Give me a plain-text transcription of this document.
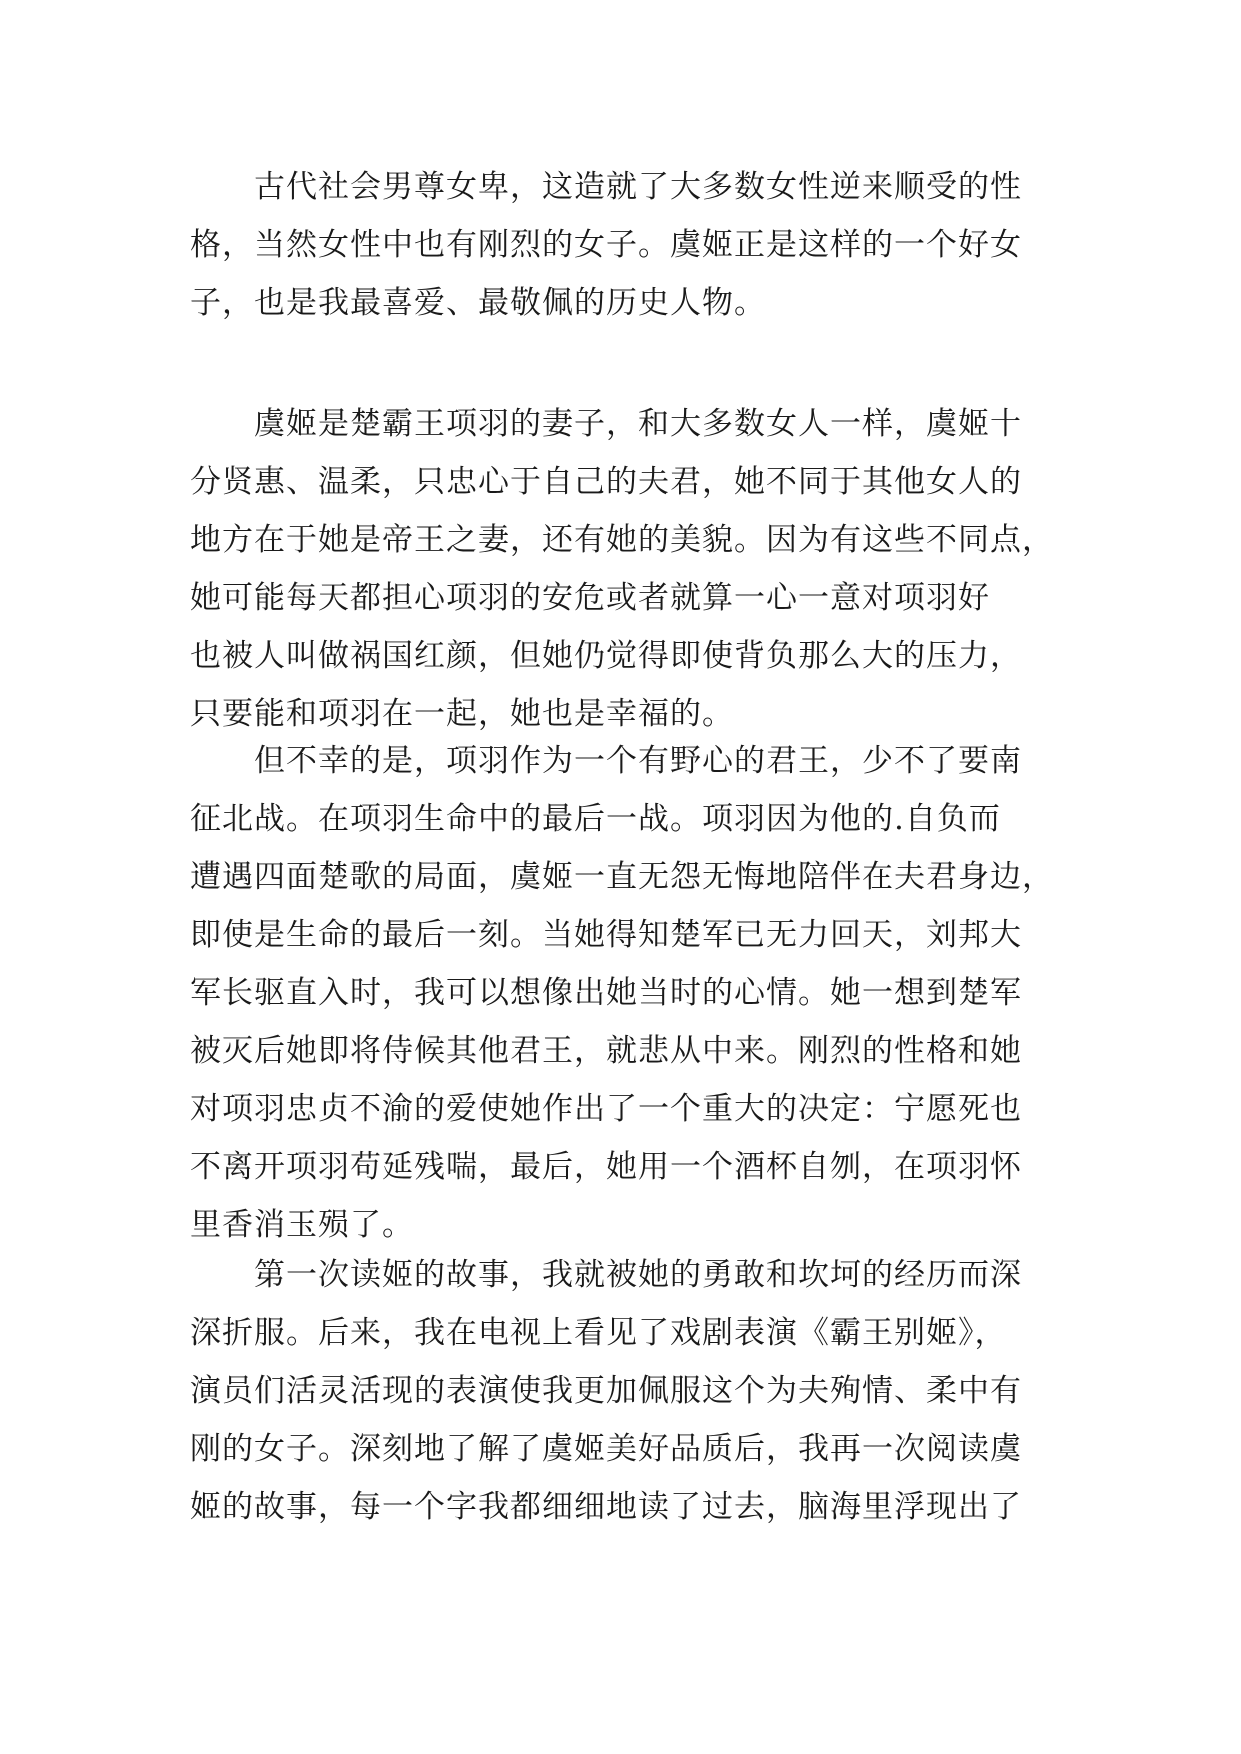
古代社会男尊女卑，这造就了大多数女性逆来顺受的性
格，当然女性中也有刚烈的女子。虞姬正是这样的一个好女
子，也是我最喜爱、最敬佩的历史人物。
虞姬是楚霸王项羽的妻子，和大多数女人一样，虞姬十
分贤惠、温柔，只忠心于自己的夫君，她不同于其他女人的
地方在于她是帝王之妻，还有她的美貌。因为有这些不同点，
她可能每天都担心项羽的安危或者就算一心一意对项羽好
也被人叫做祸国红颜，但她仍觉得即使背负那么大的压力，
只要能和项羽在一起，她也是幸福的。
但不幸的是，项羽作为一个有野心的君王，少不了要南
征北战。在项羽生命中的最后一战。项羽因为他的.自负而
遭遇四面楚歌的局面，虞姬一直无怨无悔地陪伴在夫君身边，
即使是生命的最后一刻。当她得知楚军已无力回天，刘邦大
军长驱直入时，我可以想像出她当时的心情。她一想到楚军
被灭后她即将侍候其他君王，就悲从中来。刚烈的性格和她
对项羽忠贞不渝的爱使她作出了一个重大的决定：宁愿死也
不离开项羽苟延残喘，最后，她用一个酒杯自刎，在项羽怀
里香消玉殒了。
第一次读姬的故事，我就被她的勇敢和坎坷的经历而深
深折服。后来，我在电视上看见了戏剧表演《霸王别姬》，
演员们活灵活现的表演使我更加佩服这个为夫殉情、柔中有
刚的女子。深刻地了解了虞姬美好品质后，我再一次阅读虞
姬的故事，每一个字我都细细地读了过去，脑海里浮现出了
